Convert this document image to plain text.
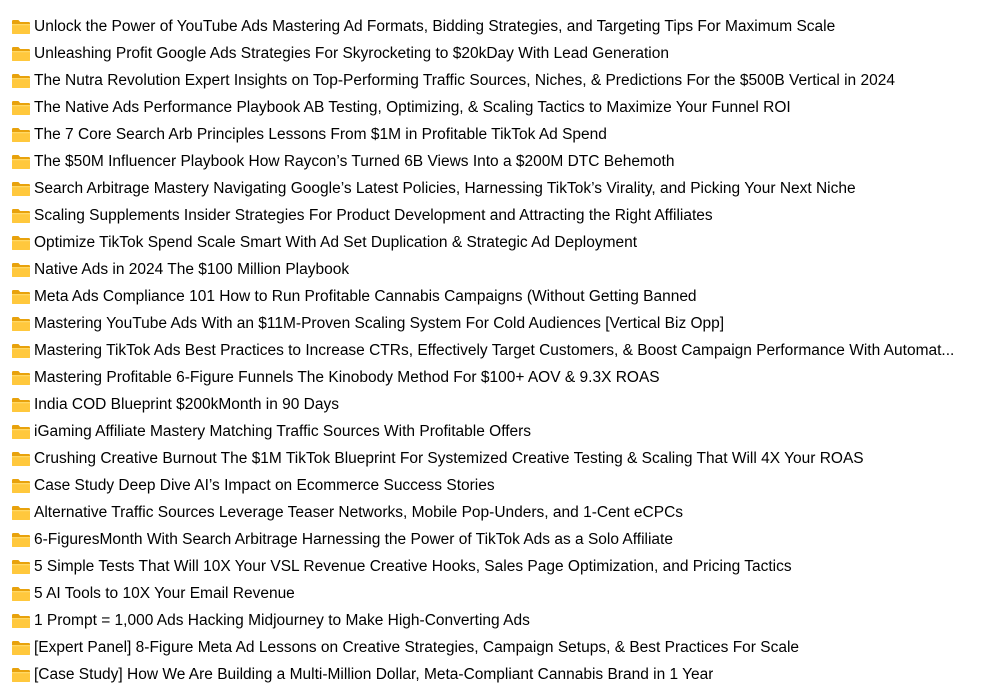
Unlock the Power of YouTube Ads Mastering Ad Formats, Bidding Strategies, and Targeting Tips For Maximum Scale
Unleashing Profit Google Ads Strategies For Skyrocketing to $20kDay With Lead Generation
The Nutra Revolution Expert Insights on Top-Performing Traffic Sources, Niches, & Predictions For the $500B Vertical in 2024
The Native Ads Performance Playbook AB Testing, Optimizing, & Scaling Tactics to Maximize Your Funnel ROI
The 7 Core Search Arb Principles Lessons From $1M in Profitable TikTok Ad Spend
The $50M Influencer Playbook How Raycon’s Turned 6B Views Into a $200M DTC Behemoth
Search Arbitrage Mastery Navigating Google’s Latest Policies, Harnessing TikTok’s Virality, and Picking Your Next Niche
Scaling Supplements Insider Strategies For Product Development and Attracting the Right Affiliates
Optimize TikTok Spend Scale Smart With Ad Set Duplication & Strategic Ad Deployment
Native Ads in 2024 The $100 Million Playbook
Meta Ads Compliance 101 How to Run Profitable Cannabis Campaigns (Without Getting Banned
Mastering YouTube Ads With an $11M-Proven Scaling System For Cold Audiences [Vertical Biz Opp]
Mastering TikTok Ads Best Practices to Increase CTRs, Effectively Target Customers, & Boost Campaign Performance With Automat...
Mastering Profitable 6-Figure Funnels The Kinobody Method For $100+ AOV & 9.3X ROAS
India COD Blueprint $200kMonth in 90 Days
iGaming Affiliate Mastery Matching Traffic Sources With Profitable Offers
Crushing Creative Burnout The $1M TikTok Blueprint For Systemized Creative Testing & Scaling That Will 4X Your ROAS
Case Study Deep Dive AI’s Impact on Ecommerce Success Stories
Alternative Traffic Sources Leverage Teaser Networks, Mobile Pop-Unders, and 1-Cent eCPCs
6-FiguresMonth With Search Arbitrage Harnessing the Power of TikTok Ads as a Solo Affiliate
5 Simple Tests That Will 10X Your VSL Revenue Creative Hooks, Sales Page Optimization, and Pricing Tactics
5 AI Tools to 10X Your Email Revenue
1 Prompt = 1,000 Ads Hacking Midjourney to Make High-Converting Ads
[Expert Panel] 8-Figure Meta Ad Lessons on Creative Strategies, Campaign Setups, & Best Practices For Scale
[Case Study] How We Are Building a Multi-Million Dollar, Meta-Compliant Cannabis Brand in 1 Year
